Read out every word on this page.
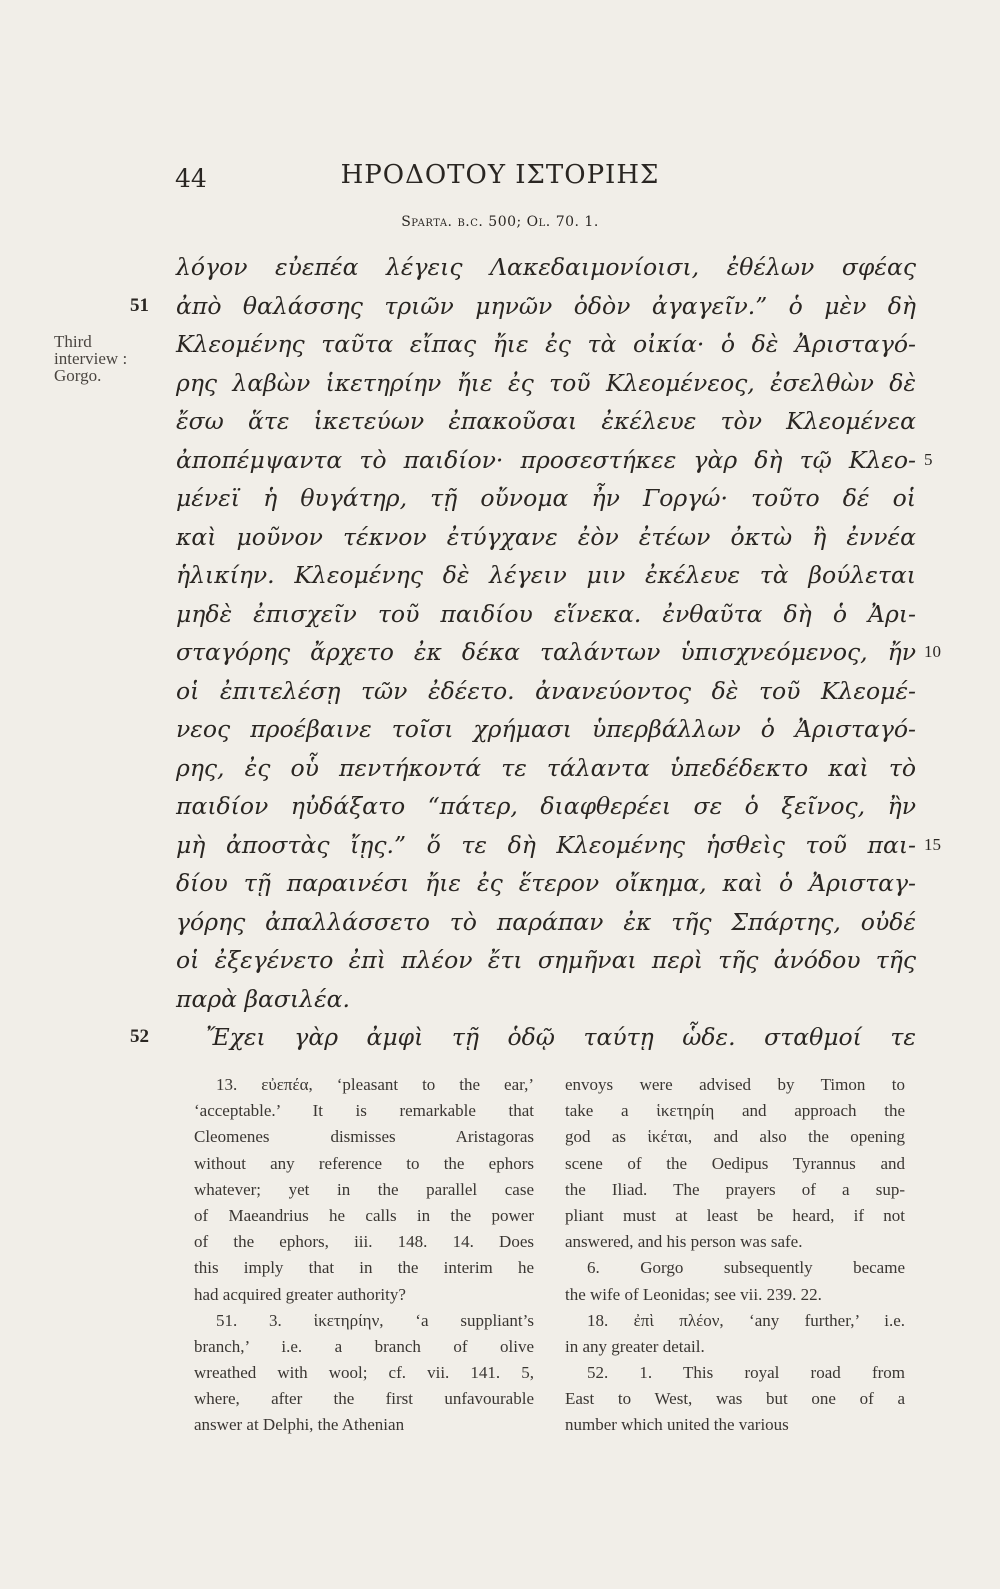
44	ΗΡΟΔΟΤΟΥ ΙΣΤΟΡΙΗΣ
Sparta. b.c. 500; Ol. 70. 1.
Third
interview :
Gorgo.
λόγον εὐεπέα λέγεις Λακεδαιμονίοισι, ἐθέλων σφέας
ἀπὸ θαλάσσης τριῶν μηνῶν ὁδὸν ἀγαγεῖν.” ὁ μὲν δὴ
51
Κλεομένης ταῦτα εἴπας ἤιε ἐς τὰ οἰκία· ὁ δὲ Ἀρισταγό-
ρης λαβὼν ἱκετηρίην ἤιε ἐς τοῦ Κλεομένεος, ἐσελθὼν δὲ
ἔσω ἅτε ἱκετεύων ἐπακοῦσαι ἐκέλευε τὸν Κλεομένεα
ἀποπέμψαντα τὸ παιδίον· προσεστήκεε γὰρ δὴ τῷ Κλεο- 5
μένεϊ ἡ θυγάτηρ, τῇ οὔνομα ἦν Γοργώ· τοῦτο δέ οἱ
καὶ μοῦνον τέκνον ἐτύγχανε ἐὸν ἐτέων ὀκτὼ ἢ ἐννέα
ἡλικίην. Κλεομένης δὲ λέγειν μιν ἐκέλευε τὰ βούλεται
μηδὲ ἐπισχεῖν τοῦ παιδίου εἵνεκα. ἐνθαῦτα δὴ ὁ Ἀρι-
σταγόρης ἄρχετο ἐκ δέκα ταλάντων ὑπισχνεόμενος, ἤν 10
οἱ ἐπιτελέσῃ τῶν ἐδέετο. ἀνανεύοντος δὲ τοῦ Κλεομέ-
νεος προέβαινε τοῖσι χρήμασι ὑπερβάλλων ὁ Ἀρισταγό-
ρης, ἐς οὗ πεντήκοντά τε τάλαντα ὑπεδέδεκτο καὶ τὸ
παιδίον ηὐδάξατο “πάτερ, διαφθερέει σε ὁ ξεῖνος, ἢν
μὴ ἀποστὰς ἴῃς.” ὅ τε δὴ Κλεομένης ἡσθεὶς τοῦ παι- 15
δίου τῇ παραινέσι ἤιε ἐς ἕτερον οἴκημα, καὶ ὁ Ἀρισταγ-
γόρης ἀπαλλάσσετο τὸ παράπαν ἐκ τῆς Σπάρτης, οὐδέ
οἱ ἐξεγένετο ἐπὶ πλέον ἔτι σημῆναι περὶ τῆς ἀνόδου τῆς
παρὰ βασιλέα.
Ἔχει γὰρ ἀμφὶ τῇ ὁδῷ ταύτῃ ὧδε. σταθμοί τε
52
13. εὐεπέα, ‘pleasant to the ear,’
‘acceptable.’ It is remarkable that
Cleomenes dismisses Aristagoras
without any reference to the ephors
whatever; yet in the parallel case
of Maeandrius he calls in the power
of the ephors, iii. 148. 14. Does
this imply that in the interim he
had acquired greater authority?
51. 3. ἱκετηρίην, ‘a suppliant’s
branch,’ i.e. a branch of olive
wreathed with wool; cf. vii. 141. 5,
where, after the first unfavourable
answer at Delphi, the Athenian
envoys were advised by Timon to
take a ἱκετηρίη and approach the
god as ἱκέται, and also the opening
scene of the Oedipus Tyrannus and
the Iliad. The prayers of a sup-
pliant must at least be heard, if not
answered, and his person was safe.
6. Gorgo subsequently became
the wife of Leonidas; see vii. 239. 22.
18. ἐπὶ πλέον, ‘any further,’ i.e.
in any greater detail.
52. 1. This royal road from
East to West, was but one of a
number which united the various
